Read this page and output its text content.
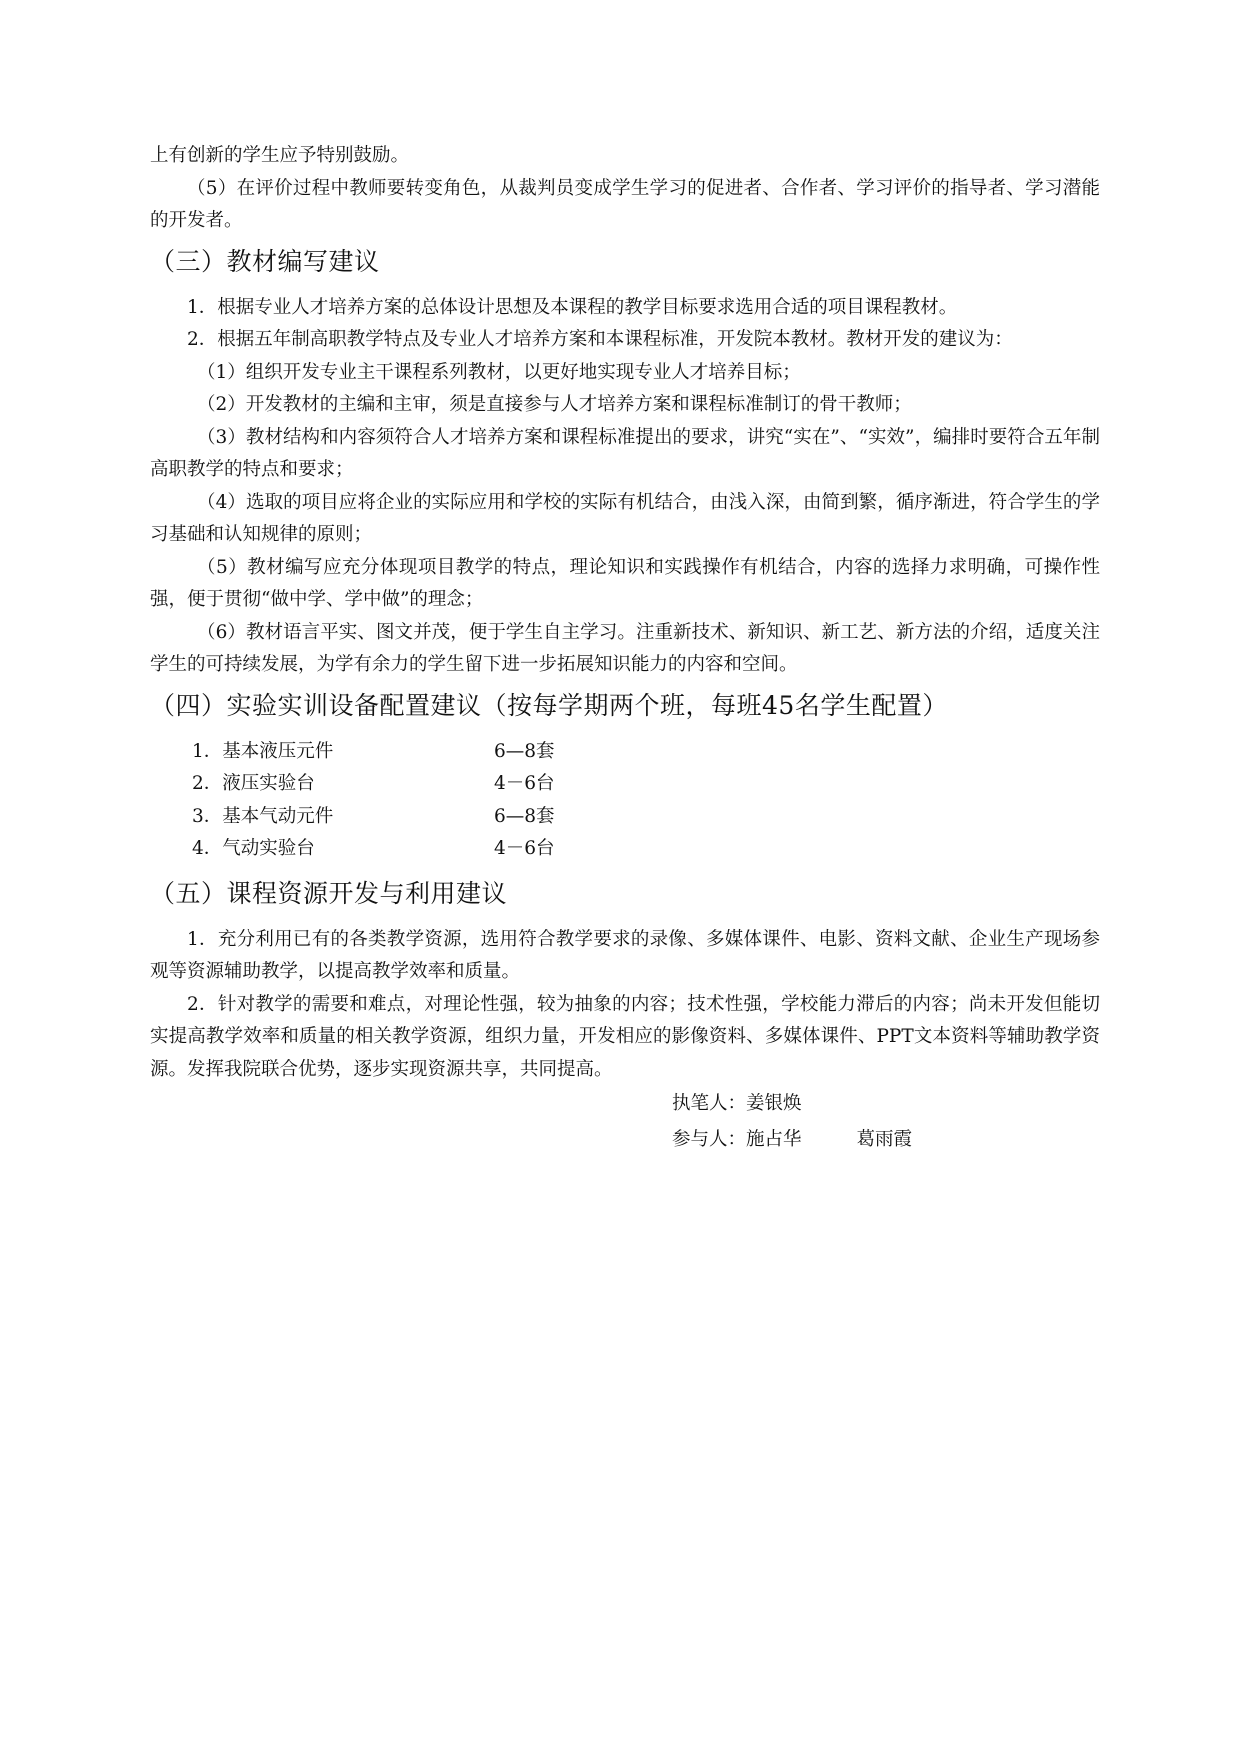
上有创新的学生应予特别鼓励。

（5）在评价过程中教师要转变角色，从裁判员变成学生学习的促进者、合作者、学习评价的指导者、学习潜能的开发者。

（三）教材编写建议

1．根据专业人才培养方案的总体设计思想及本课程的教学目标要求选用合适的项目课程教材。

2．根据五年制高职教学特点及专业人才培养方案和本课程标准，开发院本教材。教材开发的建议为：

（1）组织开发专业主干课程系列教材，以更好地实现专业人才培养目标；

（2）开发教材的主编和主审，须是直接参与人才培养方案和课程标准制订的骨干教师；

（3）教材结构和内容须符合人才培养方案和课程标准提出的要求，讲究“实在”、“实效”，编排时要符合五年制高职教学的特点和要求；

（4）选取的项目应将企业的实际应用和学校的实际有机结合，由浅入深，由简到繁，循序渐进，符合学生的学习基础和认知规律的原则；

（5）教材编写应充分体现项目教学的特点，理论知识和实践操作有机结合，内容的选择力求明确，可操作性强，便于贯彻“做中学、学中做”的理念；

（6）教材语言平实、图文并茂，便于学生自主学习。注重新技术、新知识、新工艺、新方法的介绍，适度关注学生的可持续发展，为学有余力的学生留下进一步拓展知识能力的内容和空间。

（四）实验实训设备配置建议（按每学期两个班，每班45名学生配置）
1．基本液压元件	6—8套
2．液压实验台	4－6台
3．基本气动元件	6—8套
4．气动实验台	4－6台
（五）课程资源开发与利用建议

1．充分利用已有的各类教学资源，选用符合教学要求的录像、多媒体课件、电影、资料文献、企业生产现场参观等资源辅助教学，以提高教学效率和质量。

2．针对教学的需要和难点，对理论性强，较为抽象的内容；技术性强，学校能力滞后的内容；尚未开发但能切实提高教学效率和质量的相关教学资源，组织力量，开发相应的影像资料、多媒体课件、PPT文本资料等辅助教学资源。发挥我院联合优势，逐步实现资源共享，共同提高。

执笔人：姜银焕
参与人：施占华	葛雨霞
